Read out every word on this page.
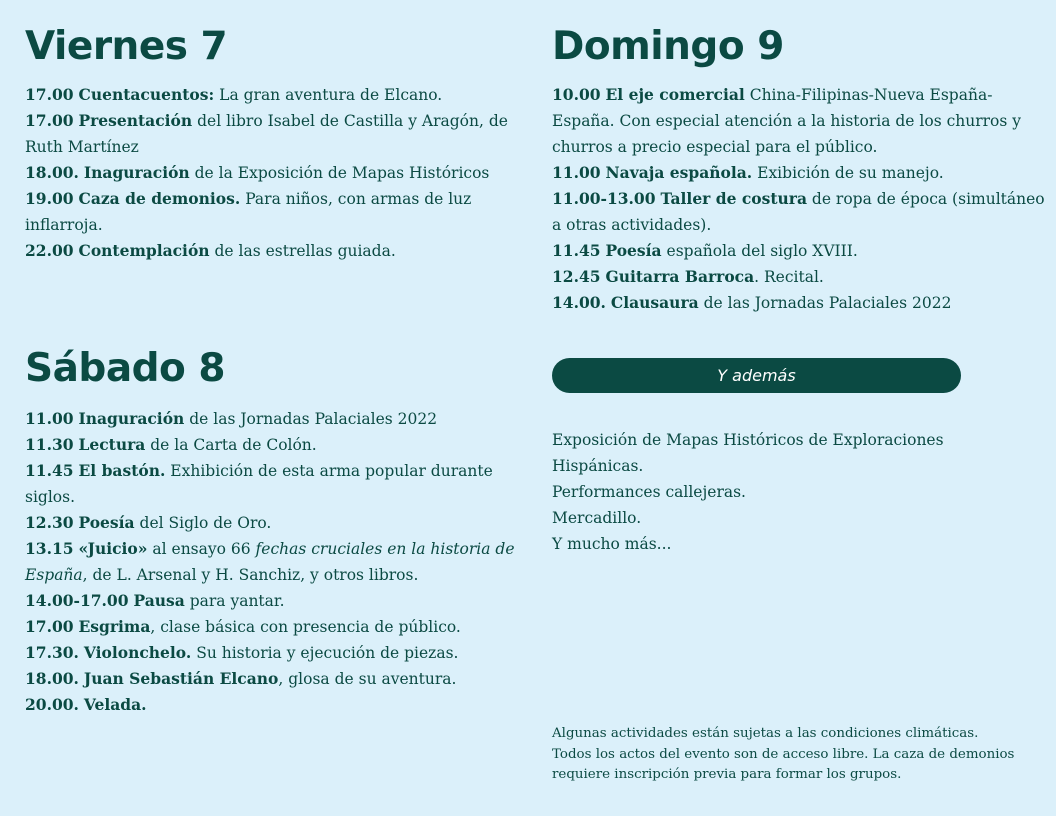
Viernes 7

17.00 Cuentacuentos: La gran aventura de Elcano.

17.00 Presentación del libro Isabel de Castilla y Aragón, de Ruth Martínez

18.00. Inaguración de la Exposición de Mapas Históricos

19.00 Caza de demonios. Para niños, con armas de luz inflarroja.

22.00 Contemplación de las estrellas guiada.

Sábado 8

11.00 Inaguración de las Jornadas Palaciales 2022

11.30 Lectura de la Carta de Colón.

11.45 El bastón. Exhibición de esta arma popular durante siglos.

12.30 Poesía del Siglo de Oro.

13.15 «Juicio» al ensayo 66 fechas cruciales en la historia de España, de L. Arsenal y H. Sanchiz, y otros libros.

14.00-17.00 Pausa para yantar.

17.00 Esgrima, clase básica con presencia de público.

17.30. Violonchelo. Su historia y ejecución de piezas.

18.00. Juan Sebastián Elcano, glosa de su aventura.

20.00. Velada.

Domingo 9

10.00 El eje comercial China-Filipinas-Nueva España-España. Con especial atención a la historia de los churros y churros a precio especial para el público.

11.00 Navaja española. Exibición de su manejo.

11.00-13.00 Taller de costura de ropa de época (simultáneo a otras actividades).

11.45 Poesía española del siglo XVIII.

12.45 Guitarra Barroca. Recital.

14.00. Clausaura de las Jornadas Palaciales 2022

Y además

Exposición de Mapas Históricos de Exploraciones Hispánicas.

Performances callejeras.

Mercadillo.

Y mucho más...

Algunas actividades están sujetas a las condiciones climáticas.

Todos los actos del evento son de acceso libre. La caza de demonios requiere inscripción previa para formar los grupos.
